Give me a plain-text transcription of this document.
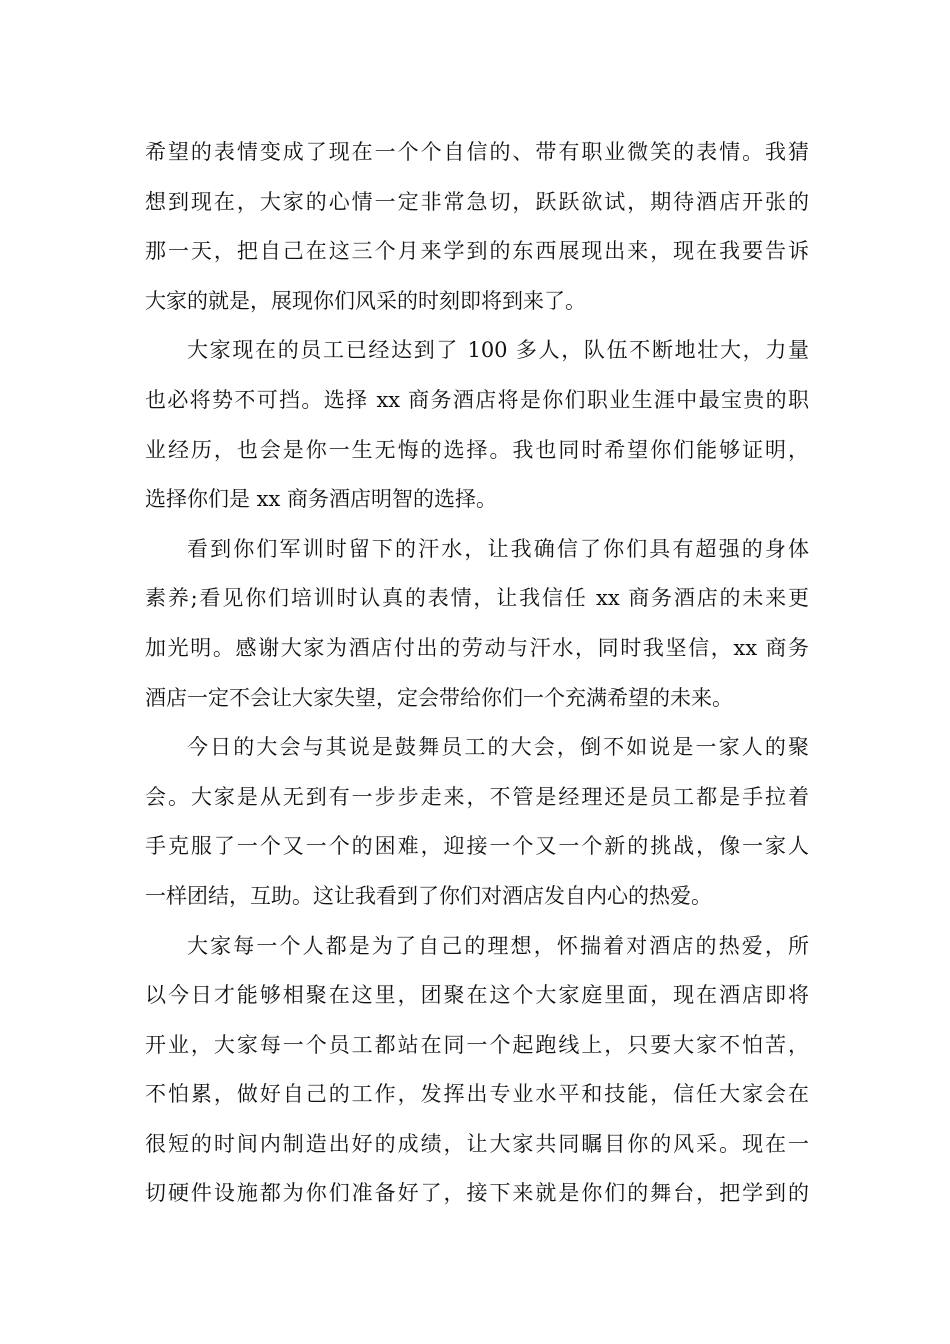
希望的表情变成了现在一个个自信的、带有职业微笑的表情。我猜
想到现在，大家的心情一定非常急切，跃跃欲试，期待酒店开张的
那一天，把自己在这三个月来学到的东西展现出来，现在我要告诉
大家的就是，展现你们风采的时刻即将到来了。
大家现在的员工已经达到了 100 多人，队伍不断地壮大，力量
也必将势不可挡。选择 xx 商务酒店将是你们职业生涯中最宝贵的职
业经历，也会是你一生无悔的选择。我也同时希望你们能够证明，
选择你们是 xx 商务酒店明智的选择。
看到你们军训时留下的汗水，让我确信了你们具有超强的身体
素养;看见你们培训时认真的表情，让我信任 xx 商务酒店的未来更
加光明。感谢大家为酒店付出的劳动与汗水，同时我坚信，xx 商务
酒店一定不会让大家失望，定会带给你们一个充满希望的未来。
今日的大会与其说是鼓舞员工的大会，倒不如说是一家人的聚
会。大家是从无到有一步步走来，不管是经理还是员工都是手拉着
手克服了一个又一个的困难，迎接一个又一个新的挑战，像一家人
一样团结，互助。这让我看到了你们对酒店发自内心的热爱。
大家每一个人都是为了自己的理想，怀揣着对酒店的热爱，所
以今日才能够相聚在这里，团聚在这个大家庭里面，现在酒店即将
开业，大家每一个员工都站在同一个起跑线上，只要大家不怕苦，
不怕累，做好自己的工作，发挥出专业水平和技能，信任大家会在
很短的时间内制造出好的成绩，让大家共同瞩目你的风采。现在一
切硬件设施都为你们准备好了，接下来就是你们的舞台，把学到的
